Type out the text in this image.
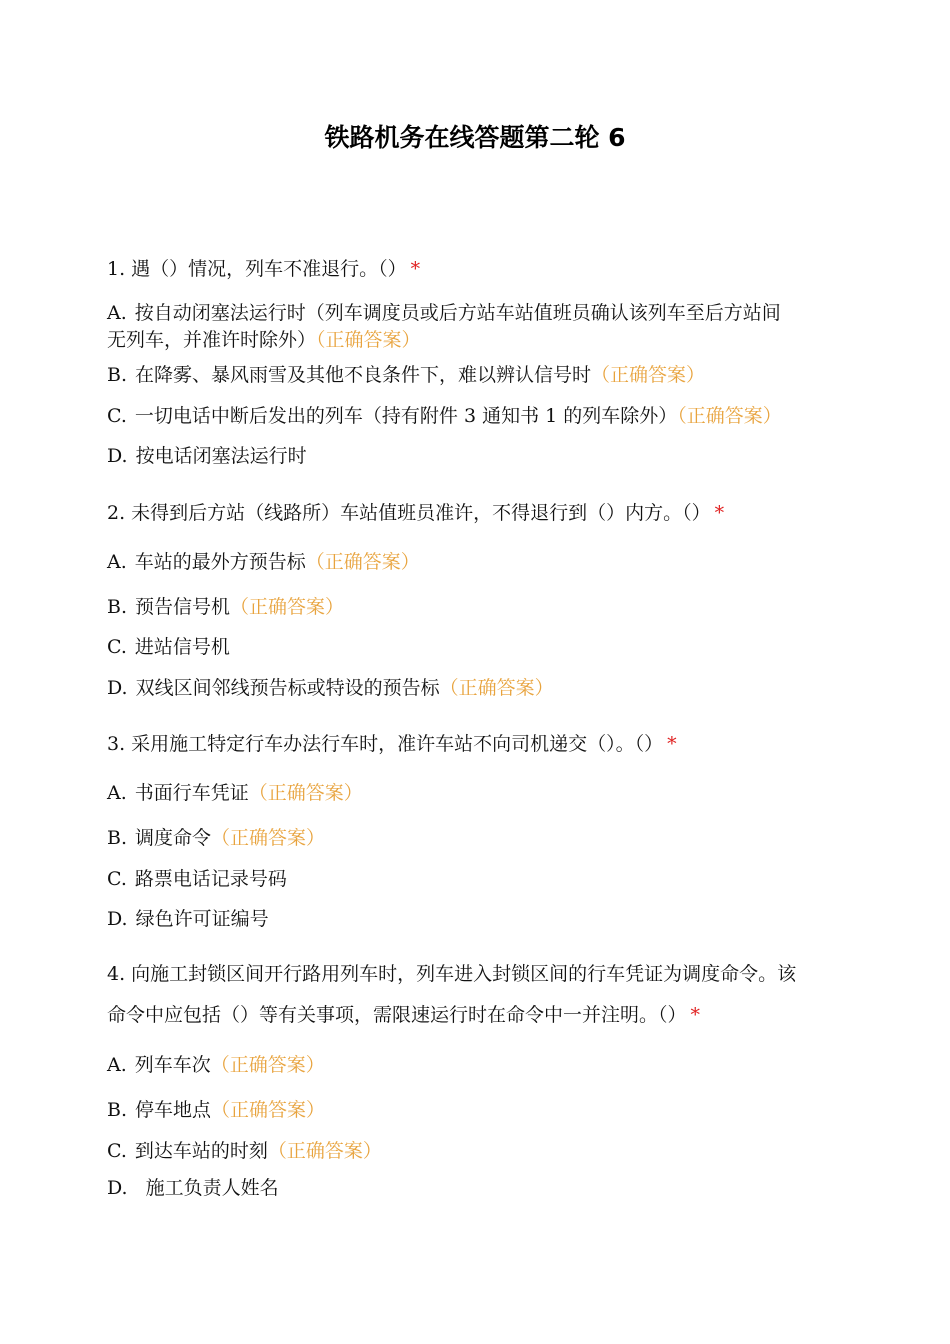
铁路机务在线答题第二轮 6
1. 遇（）情况，列车不准退行。（） *
A. 按自动闭塞法运行时（列车调度员或后方站车站值班员确认该列车至后方站间
无列车，并准许时除外）（正确答案）
B. 在降雾、暴风雨雪及其他不良条件下，难以辨认信号时（正确答案）
C. 一切电话中断后发出的列车（持有附件 3 通知书 1 的列车除外）（正确答案）
D. 按电话闭塞法运行时
2. 未得到后方站（线路所）车站值班员准许，不得退行到（）内方。（） *
A. 车站的最外方预告标（正确答案）
B. 预告信号机（正确答案）
C. 进站信号机
D. 双线区间邻线预告标或特设的预告标（正确答案）
3. 采用施工特定行车办法行车时，准许车站不向司机递交（）。（） *
A. 书面行车凭证（正确答案）
B. 调度命令（正确答案）
C. 路票电话记录号码
D. 绿色许可证编号
4. 向施工封锁区间开行路用列车时，列车进入封锁区间的行车凭证为调度命令。该
命令中应包括（）等有关事项，需限速运行时在命令中一并注明。（） *
A. 列车车次（正确答案）
B. 停车地点（正确答案）
C. 到达车站的时刻（正确答案）
D. 施工负责人姓名
